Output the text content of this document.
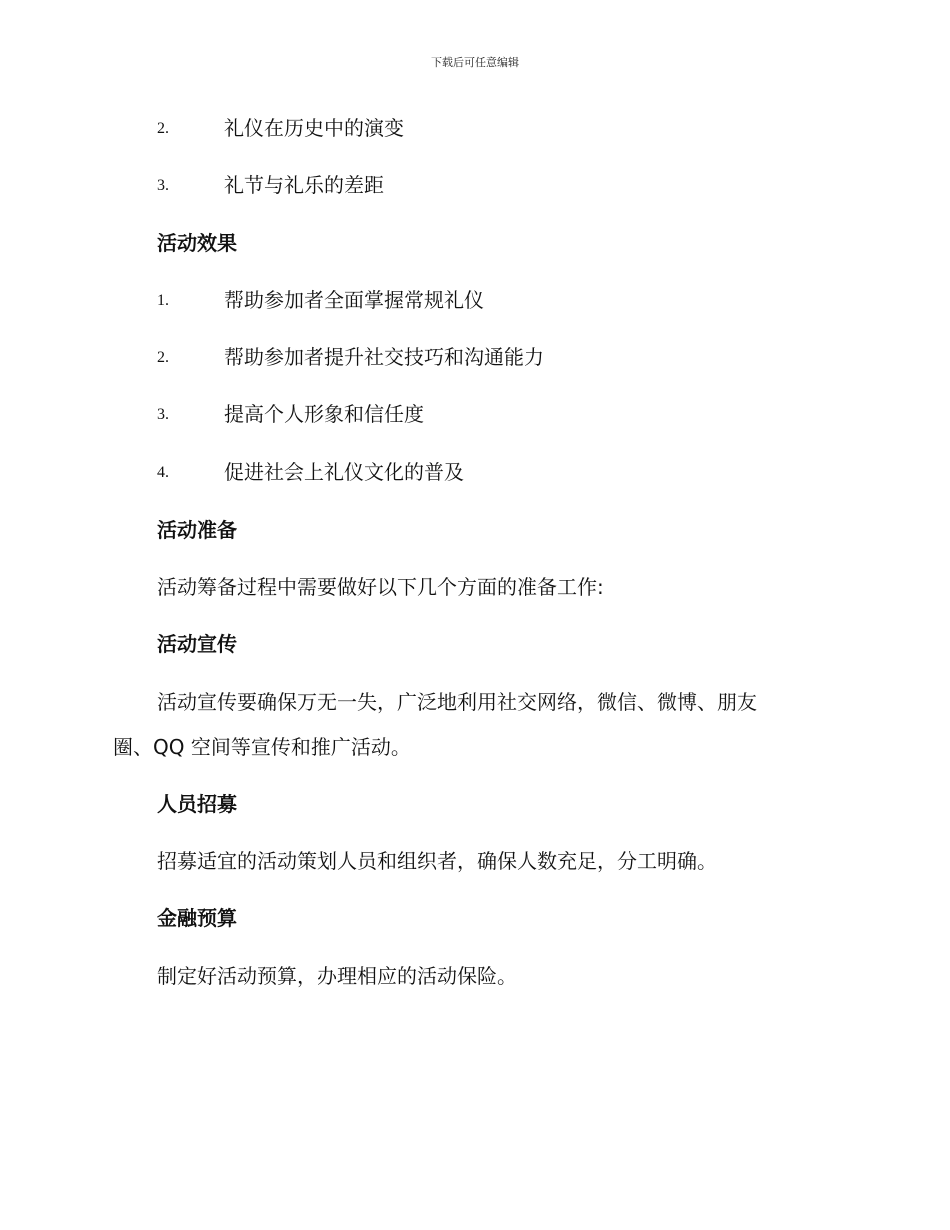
下载后可任意编辑
2.	礼仪在历史中的演变
3.	礼节与礼乐的差距
活动效果
1.	帮助参加者全面掌握常规礼仪
2.	帮助参加者提升社交技巧和沟通能力
3.	提高个人形象和信任度
4.	促进社会上礼仪文化的普及
活动准备
活动筹备过程中需要做好以下几个方面的准备工作:
活动宣传
活动宣传要确保万无一失，广泛地利用社交网络，微信、微博、朋友
圈、QQ 空间等宣传和推广活动。
人员招募
招募适宜的活动策划人员和组织者，确保人数充足，分工明确。
金融预算
制定好活动预算，办理相应的活动保险。
